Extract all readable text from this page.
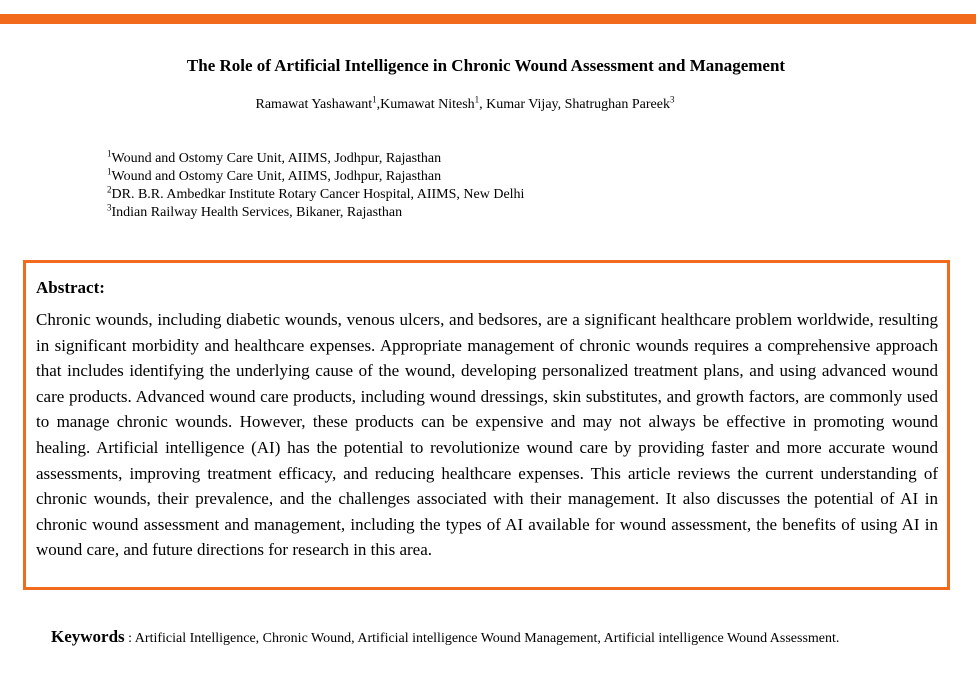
The Role of Artificial Intelligence in Chronic Wound Assessment and Management
Ramawat Yashawant$^1$,Kumawat Nitesh$^1$, Kumar Vijay, Shatrughan Pareek$^3$
$^1$Wound and Ostomy Care Unit, AIIMS, Jodhpur, Rajasthan
$^1$Wound and Ostomy Care Unit, AIIMS, Jodhpur, Rajasthan
$^2$DR. B.R. Ambedkar Institute Rotary Cancer Hospital, AIIMS, New Delhi
$^3$Indian Railway Health Services, Bikaner, Rajasthan
Abstract:

Chronic wounds, including diabetic wounds, venous ulcers, and bedsores, are a significant healthcare problem worldwide, resulting in significant morbidity and healthcare expenses. Appropriate management of chronic wounds requires a comprehensive approach that includes identifying the underlying cause of the wound, developing personalized treatment plans, and using advanced wound care products. Advanced wound care products, including wound dressings, skin substitutes, and growth factors, are commonly used to manage chronic wounds. However, these products can be expensive and may not always be effective in promoting wound healing. Artificial intelligence (AI) has the potential to revolutionize wound care by providing faster and more accurate wound assessments, improving treatment efficacy, and reducing healthcare expenses. This article reviews the current understanding of chronic wounds, their prevalence, and the challenges associated with their management. It also discusses the potential of AI in chronic wound assessment and management, including the types of AI available for wound assessment, the benefits of using AI in wound care, and future directions for research in this area.

Keywords : Artificial Intelligence, Chronic Wound, Artificial intelligence Wound Management, Artificial intelligence Wound Assessment.
